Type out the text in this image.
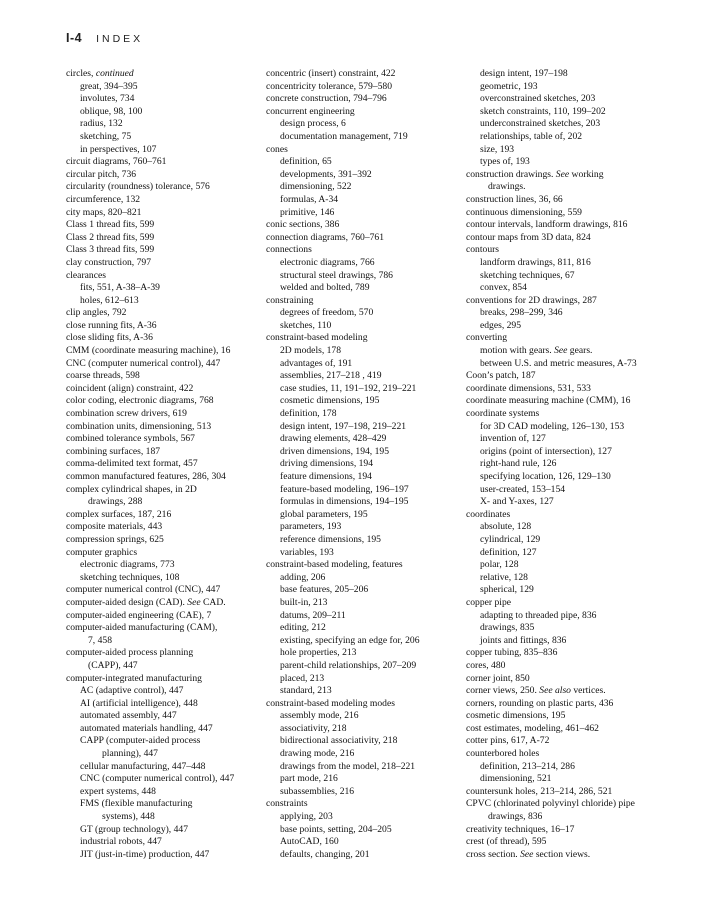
I-4 INDEX
circles, continued
great, 394–395
involutes, 734
oblique, 98, 100
radius, 132
sketching, 75
in perspectives, 107
circuit diagrams, 760–761
circular pitch, 736
circularity (roundness) tolerance, 576
circumference, 132
city maps, 820–821
Class 1 thread fits, 599
Class 2 thread fits, 599
Class 3 thread fits, 599
clay construction, 797
clearances
fits, 551, A-38–A-39
holes, 612–613
clip angles, 792
close running fits, A-36
close sliding fits, A-36
CMM (coordinate measuring machine), 16
CNC (computer numerical control), 447
coarse threads, 598
coincident (align) constraint, 422
color coding, electronic diagrams, 768
combination screw drivers, 619
combination units, dimensioning, 513
combined tolerance symbols, 567
combining surfaces, 187
comma-delimited text format, 457
common manufactured features, 286, 304
complex cylindrical shapes, in 2D
drawings, 288
complex surfaces, 187, 216
composite materials, 443
compression springs, 625
computer graphics
electronic diagrams, 773
sketching techniques, 108
computer numerical control (CNC), 447
computer-aided design (CAD). See CAD.
computer-aided engineering (CAE), 7
computer-aided manufacturing (CAM),
7, 458
computer-aided process planning
(CAPP), 447
computer-integrated manufacturing
AC (adaptive control), 447
AI (artificial intelligence), 448
automated assembly, 447
automated materials handling, 447
CAPP (computer-aided process
planning), 447
cellular manufacturing, 447–448
CNC (computer numerical control), 447
expert systems, 448
FMS (flexible manufacturing
systems), 448
GT (group technology), 447
industrial robots, 447
JIT (just-in-time) production, 447
concentric (insert) constraint, 422
concentricity tolerance, 579–580
concrete construction, 794–796
concurrent engineering
design process, 6
documentation management, 719
cones
definition, 65
developments, 391–392
dimensioning, 522
formulas, A-34
primitive, 146
conic sections, 386
connection diagrams, 760–761
connections
electronic diagrams, 766
structural steel drawings, 786
welded and bolted, 789
constraining
degrees of freedom, 570
sketches, 110
constraint-based modeling
2D models, 178
advantages of, 191
assemblies, 217–218 , 419
case studies, 11, 191–192, 219–221
cosmetic dimensions, 195
definition, 178
design intent, 197–198, 219–221
drawing elements, 428–429
driven dimensions, 194, 195
driving dimensions, 194
feature dimensions, 194
feature-based modeling, 196–197
formulas in dimensions, 194–195
global parameters, 195
parameters, 193
reference dimensions, 195
variables, 193
constraint-based modeling, features
adding, 206
base features, 205–206
built-in, 213
datums, 209–211
editing, 212
existing, specifying an edge for, 206
hole properties, 213
parent-child relationships, 207–209
placed, 213
standard, 213
constraint-based modeling modes
assembly mode, 216
associativity, 218
bidirectional associativity, 218
drawing mode, 216
drawings from the model, 218–221
part mode, 216
subassemblies, 216
constraints
applying, 203
base points, setting, 204–205
AutoCAD, 160
defaults, changing, 201
design intent, 197–198
geometric, 193
overconstrained sketches, 203
sketch constraints, 110, 199–202
underconstrained sketches, 203
relationships, table of, 202
size, 193
types of, 193
construction drawings. See working
drawings.
construction lines, 36, 66
continuous dimensioning, 559
contour intervals, landform drawings, 816
contour maps from 3D data, 824
contours
landform drawings, 811, 816
sketching techniques, 67
convex, 854
conventions for 2D drawings, 287
breaks, 298–299, 346
edges, 295
converting
motion with gears. See gears.
between U.S. and metric measures, A-73
Coon’s patch, 187
coordinate dimensions, 531, 533
coordinate measuring machine (CMM), 16
coordinate systems
for 3D CAD modeling, 126–130, 153
invention of, 127
origins (point of intersection), 127
right-hand rule, 126
specifying location, 126, 129–130
user-created, 153–154
X- and Y-axes, 127
coordinates
absolute, 128
cylindrical, 129
definition, 127
polar, 128
relative, 128
spherical, 129
copper pipe
adapting to threaded pipe, 836
drawings, 835
joints and fittings, 836
copper tubing, 835–836
cores, 480
corner joint, 850
corner views, 250. See also vertices.
corners, rounding on plastic parts, 436
cosmetic dimensions, 195
cost estimates, modeling, 461–462
cotter pins, 617, A-72
counterbored holes
definition, 213–214, 286
dimensioning, 521
countersunk holes, 213–214, 286, 521
CPVC (chlorinated polyvinyl chloride) pipe
drawings, 836
creativity techniques, 16–17
crest (of thread), 595
cross section. See section views.
